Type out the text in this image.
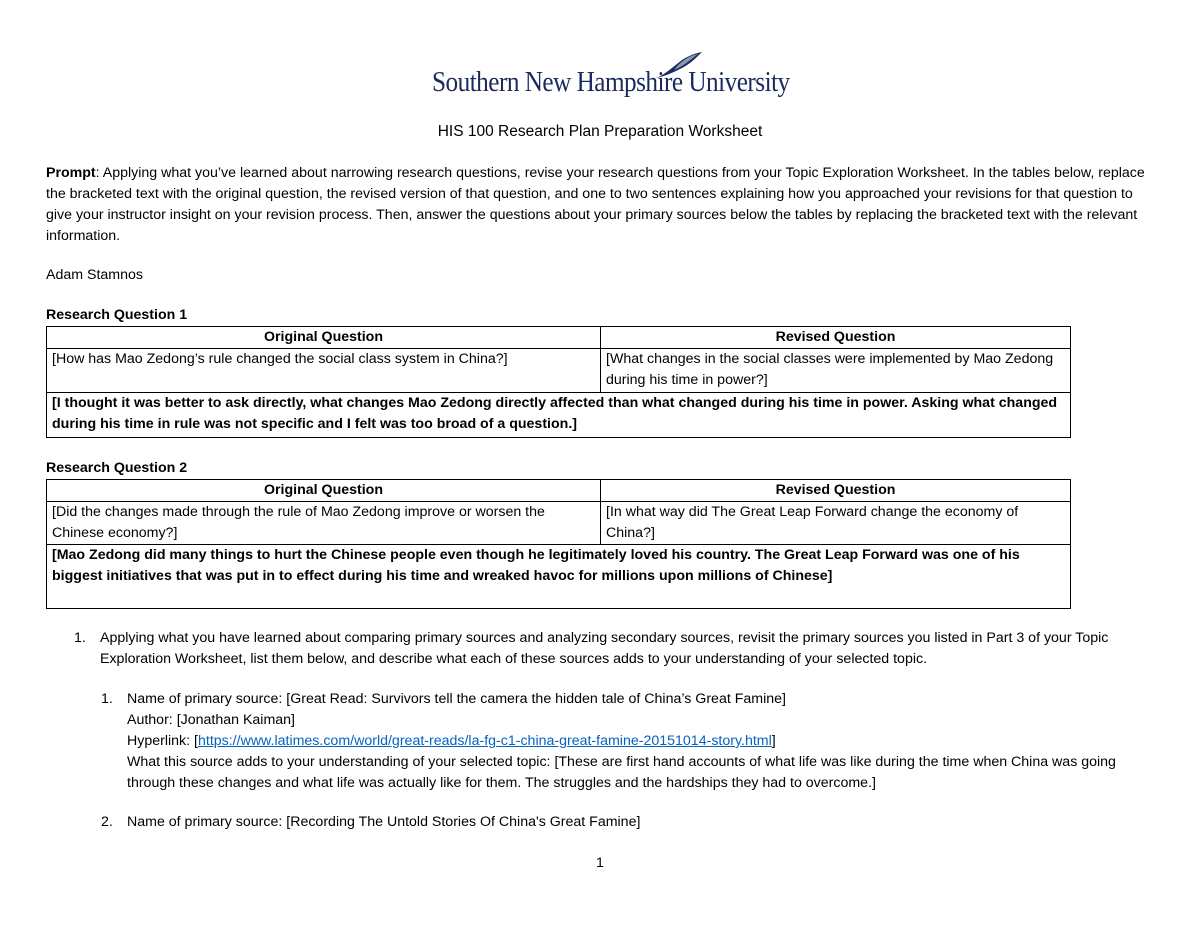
Southern New Hampshire University
HIS 100 Research Plan Preparation Worksheet
Prompt: Applying what you’ve learned about narrowing research questions, revise your research questions from your Topic Exploration Worksheet. In the tables below, replace the bracketed text with the original question, the revised version of that question, and one to two sentences explaining how you approached your revisions for that question to give your instructor insight on your revision process. Then, answer the questions about your primary sources below the tables by replacing the bracketed text with the relevant information.
Adam Stamnos
Research Question 1
Original Question	Revised Question
[How has Mao Zedong’s rule changed the social class system in China?]	[What changes in the social classes were implemented by Mao Zedong during his time in power?]
[I thought it was better to ask directly, what changes Mao Zedong directly affected than what changed during his time in power. Asking what changed during his time in rule was not specific and I felt was too broad of a question.]	
Research Question 2
Original Question	Revised Question
[Did the changes made through the rule of Mao Zedong improve or worsen the Chinese economy?]	[In what way did The Great Leap Forward change the economy of China?]
[Mao Zedong did many things to hurt the Chinese people even though he legitimately loved his country. The Great Leap Forward was one of his biggest initiatives that was put in to effect during his time and wreaked havoc for millions upon millions of Chinese]	
1. Applying what you have learned about comparing primary sources and analyzing secondary sources, revisit the primary sources you listed in Part 3 of your Topic Exploration Worksheet, list them below, and describe what each of these sources adds to your understanding of your selected topic.
1. Name of primary source: [Great Read: Survivors tell the camera the hidden tale of China’s Great Famine]
Author: [Jonathan Kaiman]
Hyperlink: [https://www.latimes.com/world/great-reads/la-fg-c1-china-great-famine-20151014-story.html]
What this source adds to your understanding of your selected topic: [These are first hand accounts of what life was like during the time when China was going through these changes and what life was actually like for them. The struggles and the hardships they had to overcome.]
2. Name of primary source: [Recording The Untold Stories Of China's Great Famine]
1
